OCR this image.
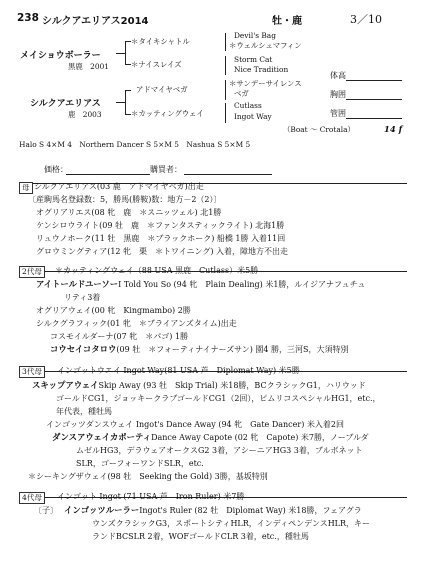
238 シルクアエリアス2014	牡・鹿	3／10
メイショウボーラー
黒鹿　2001
シルクアエリアス
鹿　2003
＊タイキシャトル
＊ナイスレイズ
アドマイヤベガ
＊カッティングウェイ
Devil's Bag
＊ウェルシュマフィン
Storm Cat
Nice Tradition
＊サンデーサイレンス
ベガ
Cutlass
Ingot Way
体高
胸囲
管囲
（Boat ～ Crotala）	14 f
Halo S 4×M 4　Northern Dancer S 5×M 5　Nashua S 5×M 5
価格：	購買者：
母 シルクアエリアス(03 鹿　アドマイヤベガ)出走
〔産駒馬名登録数：5，勝馬(勝鞍)数：地方－2（2）〕
オグリアリエス(08 牝　鹿　＊スニッツェル) 北1勝
ケンシロウライト(09 牡　鹿　＊ファンタスティックライト) 北海1勝
リュウノホーク(11 牡　黒鹿　＊ブラックホーク) 船橋 1勝 入着11回
グロウミングティア(12 牝　栗　＊トワイニング) 入着，障地方不出走
2代母	＊カッティングウェイ（88 USA 黒鹿　Cutlass）米5勝
アイトールドユーソーI Told You So (94 牝　Plain Dealing) 米1勝，ルイジアナフュチュ
リティ3着
オグリアウェイ(00 牝　Kingmambo) 2勝
シルクグラフィック(01 牝　＊ブライアンズタイム)出走
コスモイルダーナ(07 牝　＊パゴ) 1勝
コウセイコタロウ(09 牡　＊フォーティナイナーズサン) 園4 勝，三河S，大須特別
3代母	インゴットウエイ Ingot Way(81 USA 芦　Diplomat Way) 米5勝
スキップアウェイSkip Away (93 牡　Skip Trial) 米18勝，BCクラシックG1，ハリウッド
ゴールドCG1，ジョッキークラブゴールドCG1（2回），ピムリコスペシャルHG1，etc.，
年代表，種牡馬
インゴッツダンスウェイ Ingot's Dance Away (94 牝　Gate Dancer) 米入着2回
ダンスアウェイカポーティDance Away Capote (02 牝　Capote) 米7勝，ノーブルダ
ムゼルHG3，デラウェアオークスG2 3着，アシーニアHG3 3着，ブルボネット
SLR，ゴーフォーワンドSLR，etc.
＊シーキングザウェイ(98 牡　Seeking the Gold) 3勝，基坂特別
4代母	インゴット Ingot (71 USA 芦　Iron Ruler) 米7勝
〔子〕 インゴッツルーラーIngot's Ruler (82 牡　Diplomat Way) 米18勝，フェアグラ
ウンズクラシックG3，スポートシティHLR，インディペンデンスHLR，キー
ランドBCSLR 2着，WOFゴールドCLR 3着，etc.，種牡馬
